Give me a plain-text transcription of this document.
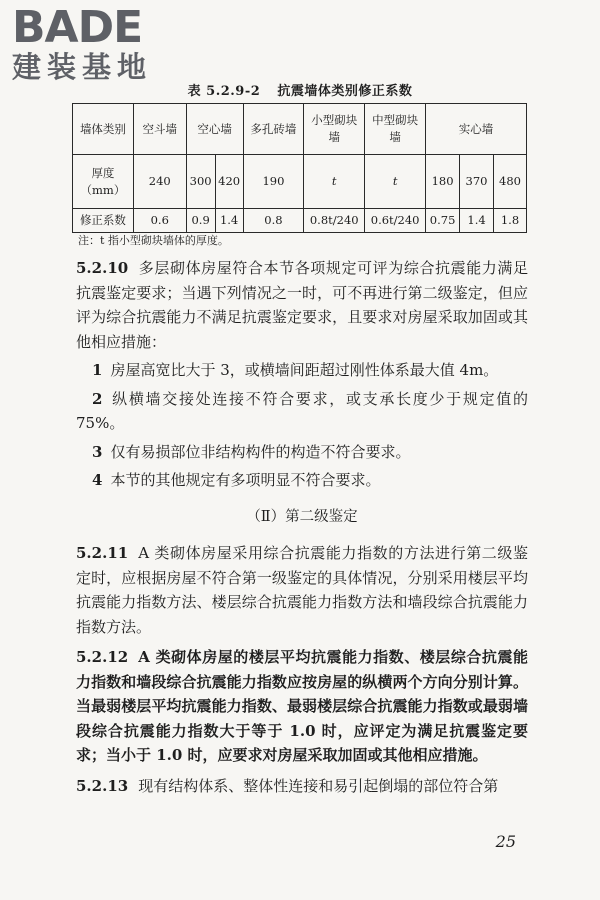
BADE
建装基地
表 5.2.9-2 抗震墙体类别修正系数
墙体类别	空斗墙	空心墙		多孔砖墙	小型砌块墙	中型砌块墙	实心墙		
厚度（mm）	240	300	420	190	t	t	180	370	480
修正系数	0.6	0.9	1.4	0.8	0.8t/240	0.6t/240	0.75	1.4	1.8
注：t 指小型砌块墙体的厚度。

5.2.10 多层砌体房屋符合本节各项规定可评为综合抗震能力满足抗震鉴定要求；当遇下列情况之一时，可不再进行第二级鉴定，但应评为综合抗震能力不满足抗震鉴定要求，且要求对房屋采取加固或其他相应措施：

1 房屋高宽比大于 3，或横墙间距超过刚性体系最大值 4m。

2 纵横墙交接处连接不符合要求，或支承长度少于规定值的 75%。

3 仅有易损部位非结构构件的构造不符合要求。

4 本节的其他规定有多项明显不符合要求。

（Ⅱ）第二级鉴定

5.2.11 A 类砌体房屋采用综合抗震能力指数的方法进行第二级鉴定时，应根据房屋不符合第一级鉴定的具体情况，分别采用楼层平均抗震能力指数方法、楼层综合抗震能力指数方法和墙段综合抗震能力指数方法。

5.2.12 A 类砌体房屋的楼层平均抗震能力指数、楼层综合抗震能力指数和墙段综合抗震能力指数应按房屋的纵横两个方向分别计算。当最弱楼层平均抗震能力指数、最弱楼层综合抗震能力指数或最弱墙段综合抗震能力指数大于等于 1.0 时，应评定为满足抗震鉴定要求；当小于 1.0 时，应要求对房屋采取加固或其他相应措施。

5.2.13 现有结构体系、整体性连接和易引起倒塌的部位符合第

25
